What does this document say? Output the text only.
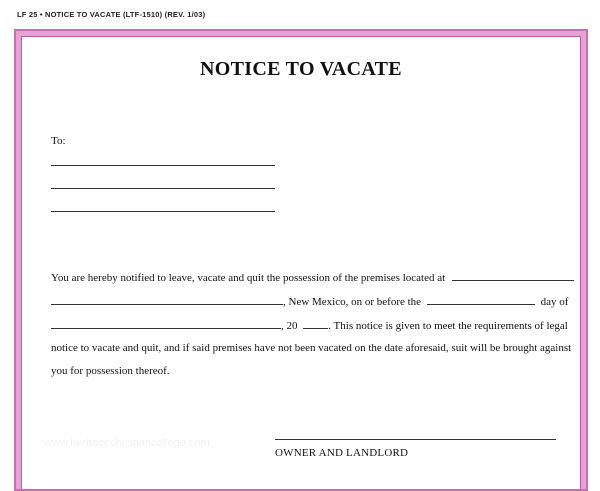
LF 25 • NOTICE TO VACATE (LTF-1510) (REV. 1/03)
NOTICE TO VACATE
To:
You are hereby notified to leave, vacate and quit the possession of the premises located at
, New Mexico, on or before the	day of
, 20	. This notice is given to meet the requirements of legal
notice to vacate and quit, and if said premises have not been vacated on the date aforesaid, suit will be brought against
you for possession thereof.
www.heritagechristiancollege.com
OWNER AND LANDLORD
